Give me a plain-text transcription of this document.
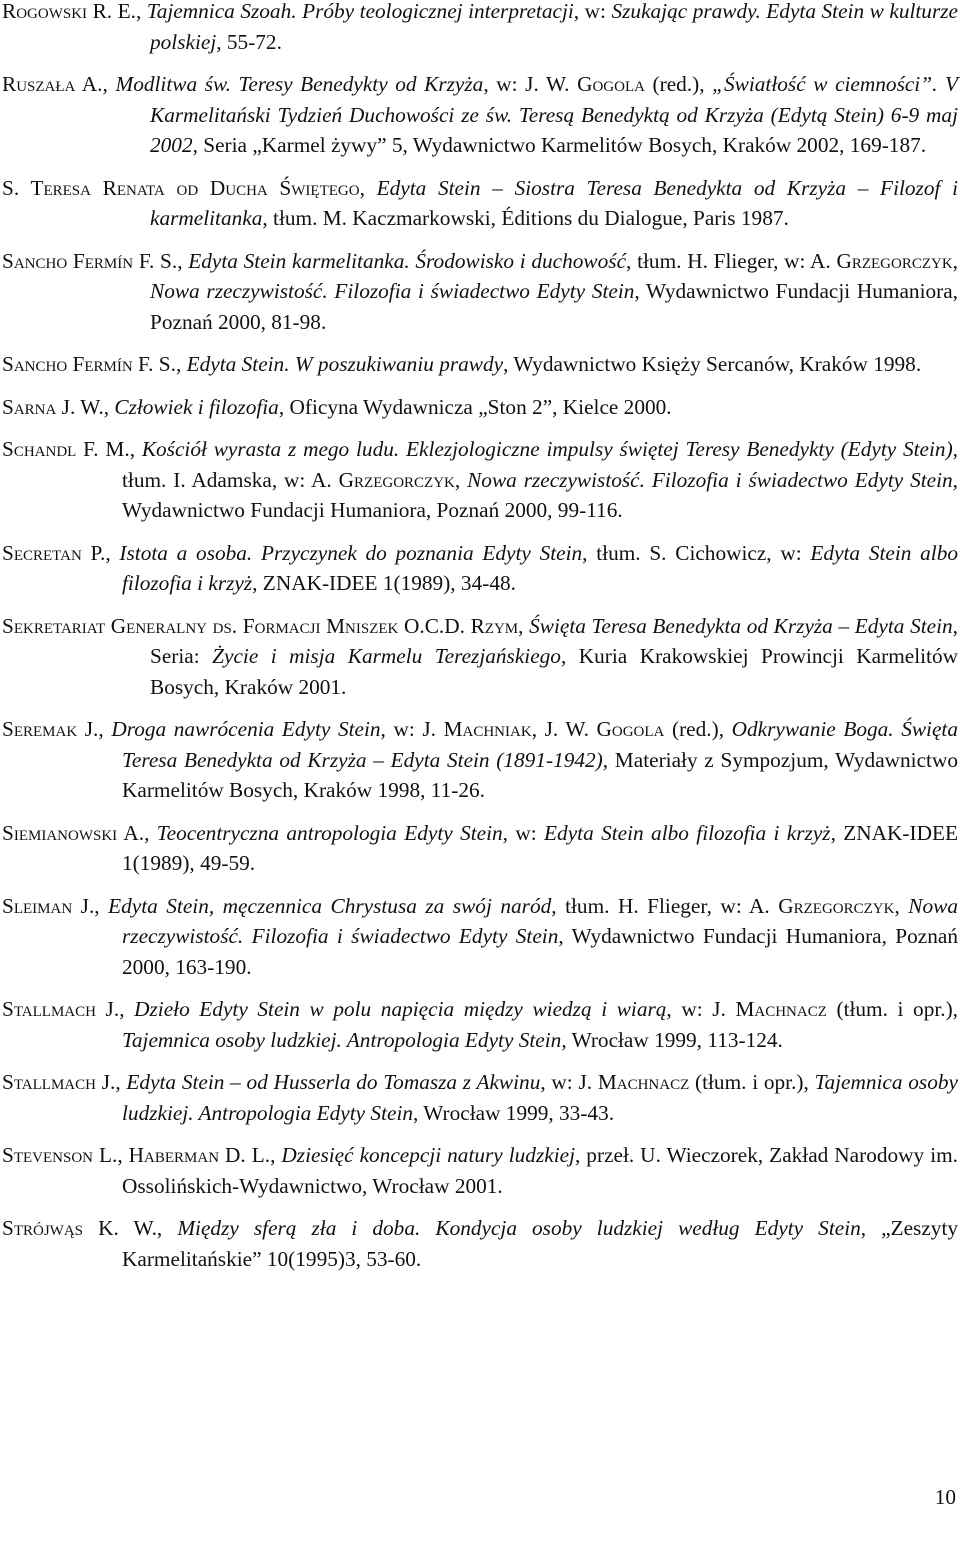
Rogowski R. E., Tajemnica Szoah. Próby teologicznej interpretacji, w: Szukając prawdy. Edyta Stein w kulturze polskiej, 55-72.

Ruszała A., Modlitwa św. Teresy Benedykty od Krzyża, w: J. W. Gogola (red.), „Światłość w ciemności”. V Karmelitański Tydzień Duchowości ze św. Teresą Benedyktą od Krzyża (Edytą Stein) 6-9 maj 2002, Seria „Karmel żywy” 5, Wydawnictwo Karmelitów Bosych, Kraków 2002, 169-187.

S. Teresa Renata od Ducha Świętego, Edyta Stein – Siostra Teresa Benedykta od Krzyża – Filozof i karmelitanka, tłum. M. Kaczmarkowski, Éditions du Dialogue, Paris 1987.

Sancho Fermín F. S., Edyta Stein karmelitanka. Środowisko i duchowość, tłum. H. Flieger, w: A. Grzegorczyk, Nowa rzeczywistość. Filozofia i świadectwo Edyty Stein, Wydawnictwo Fundacji Humaniora, Poznań 2000, 81-98.

Sancho Fermín F. S., Edyta Stein. W poszukiwaniu prawdy, Wydawnictwo Księży Sercanów, Kraków 1998.

Sarna J. W., Człowiek i filozofia, Oficyna Wydawnicza „Ston 2”, Kielce 2000.

Schandl F. M., Kościół wyrasta z mego ludu. Eklezjologiczne impulsy świętej Teresy Benedykty (Edyty Stein), tłum. I. Adamska, w: A. Grzegorczyk, Nowa rzeczywistość. Filozofia i świadectwo Edyty Stein, Wydawnictwo Fundacji Humaniora, Poznań 2000, 99-116.

Secretan P., Istota a osoba. Przyczynek do poznania Edyty Stein, tłum. S. Cichowicz, w: Edyta Stein albo filozofia i krzyż, ZNAK-IDEE 1(1989), 34-48.

Sekretariat Generalny ds. Formacji Mniszek O.C.D. Rzym, Święta Teresa Benedykta od Krzyża – Edyta Stein, Seria: Życie i misja Karmelu Terezjańskiego, Kuria Krakowskiej Prowincji Karmelitów Bosych, Kraków 2001.

Seremak J., Droga nawrócenia Edyty Stein, w: J. Machniak, J. W. Gogola (red.), Odkrywanie Boga. Święta Teresa Benedykta od Krzyża – Edyta Stein (1891-1942), Materiały z Sympozjum, Wydawnictwo Karmelitów Bosych, Kraków 1998, 11-26.

Siemianowski A., Teocentryczna antropologia Edyty Stein, w: Edyta Stein albo filozofia i krzyż, ZNAK-IDEE 1(1989), 49-59.

Sleiman J., Edyta Stein, męczennica Chrystusa za swój naród, tłum. H. Flieger, w: A. Grzegorczyk, Nowa rzeczywistość. Filozofia i świadectwo Edyty Stein, Wydawnictwo Fundacji Humaniora, Poznań 2000, 163-190.

Stallmach J., Dzieło Edyty Stein w polu napięcia między wiedzą i wiarą, w: J. Machnacz (tłum. i opr.), Tajemnica osoby ludzkiej. Antropologia Edyty Stein, Wrocław 1999, 113-124.

Stallmach J., Edyta Stein – od Husserla do Tomasza z Akwinu, w: J. Machnacz (tłum. i opr.), Tajemnica osoby ludzkiej. Antropologia Edyty Stein, Wrocław 1999, 33-43.

Stevenson L., Haberman D. L., Dziesięć koncepcji natury ludzkiej, przeł. U. Wieczorek, Zakład Narodowy im. Ossolińskich-Wydawnictwo, Wrocław 2001.

Strójwąs K. W., Między sferą zła i doba. Kondycja osoby ludzkiej według Edyty Stein, „Zeszyty Karmelitańskie” 10(1995)3, 53-60.

10
